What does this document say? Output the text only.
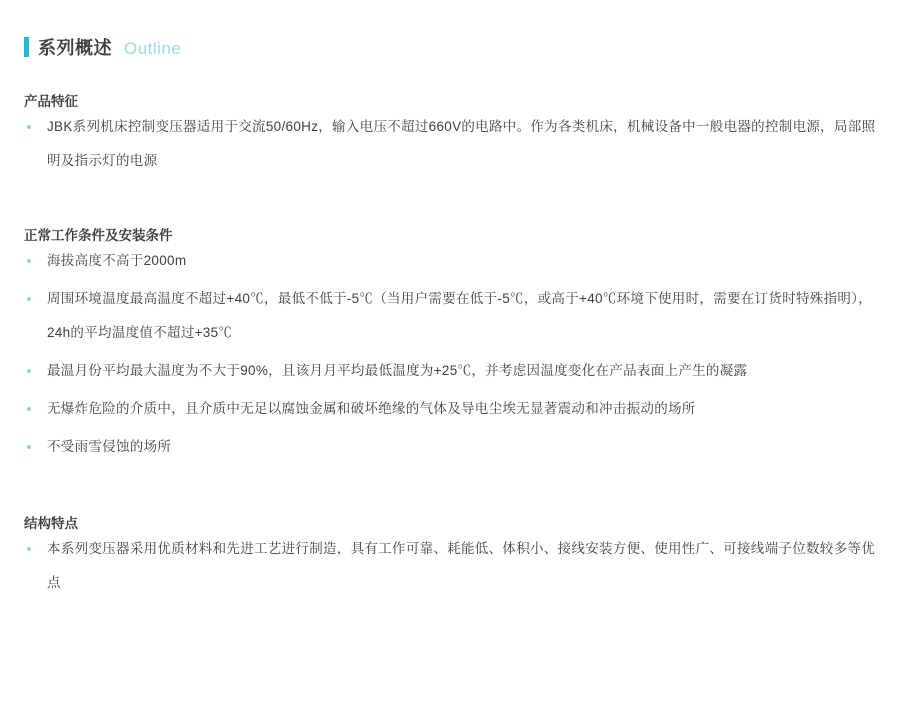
系列概述 Outline
产品特征
JBK系列机床控制变压器适用于交流50/60Hz，输入电压不超过660V的电路中。作为各类机床，机械设备中一般电器的控制电源，局部照明及指示灯的电源
正常工作条件及安装条件
海拔高度不高于2000m
周围环境温度最高温度不超过+40℃，最低不低于-5℃（当用户需要在低于-5℃，或高于+40℃环境下使用时，需要在订货时特殊指明），24h的平均温度值不超过+35℃
最温月份平均最大温度为不大于90%，且该月月平均最低温度为+25℃，并考虑因温度变化在产品表面上产生的凝露
无爆炸危险的介质中，且介质中无足以腐蚀金属和破坏绝缘的气体及导电尘埃无显著震动和冲击振动的场所
不受雨雪侵蚀的场所
结构特点
本系列变压器采用优质材料和先进工艺进行制造，具有工作可靠、耗能低、体积小、接线安装方便、使用性广、可接线端子位数较多等优点
